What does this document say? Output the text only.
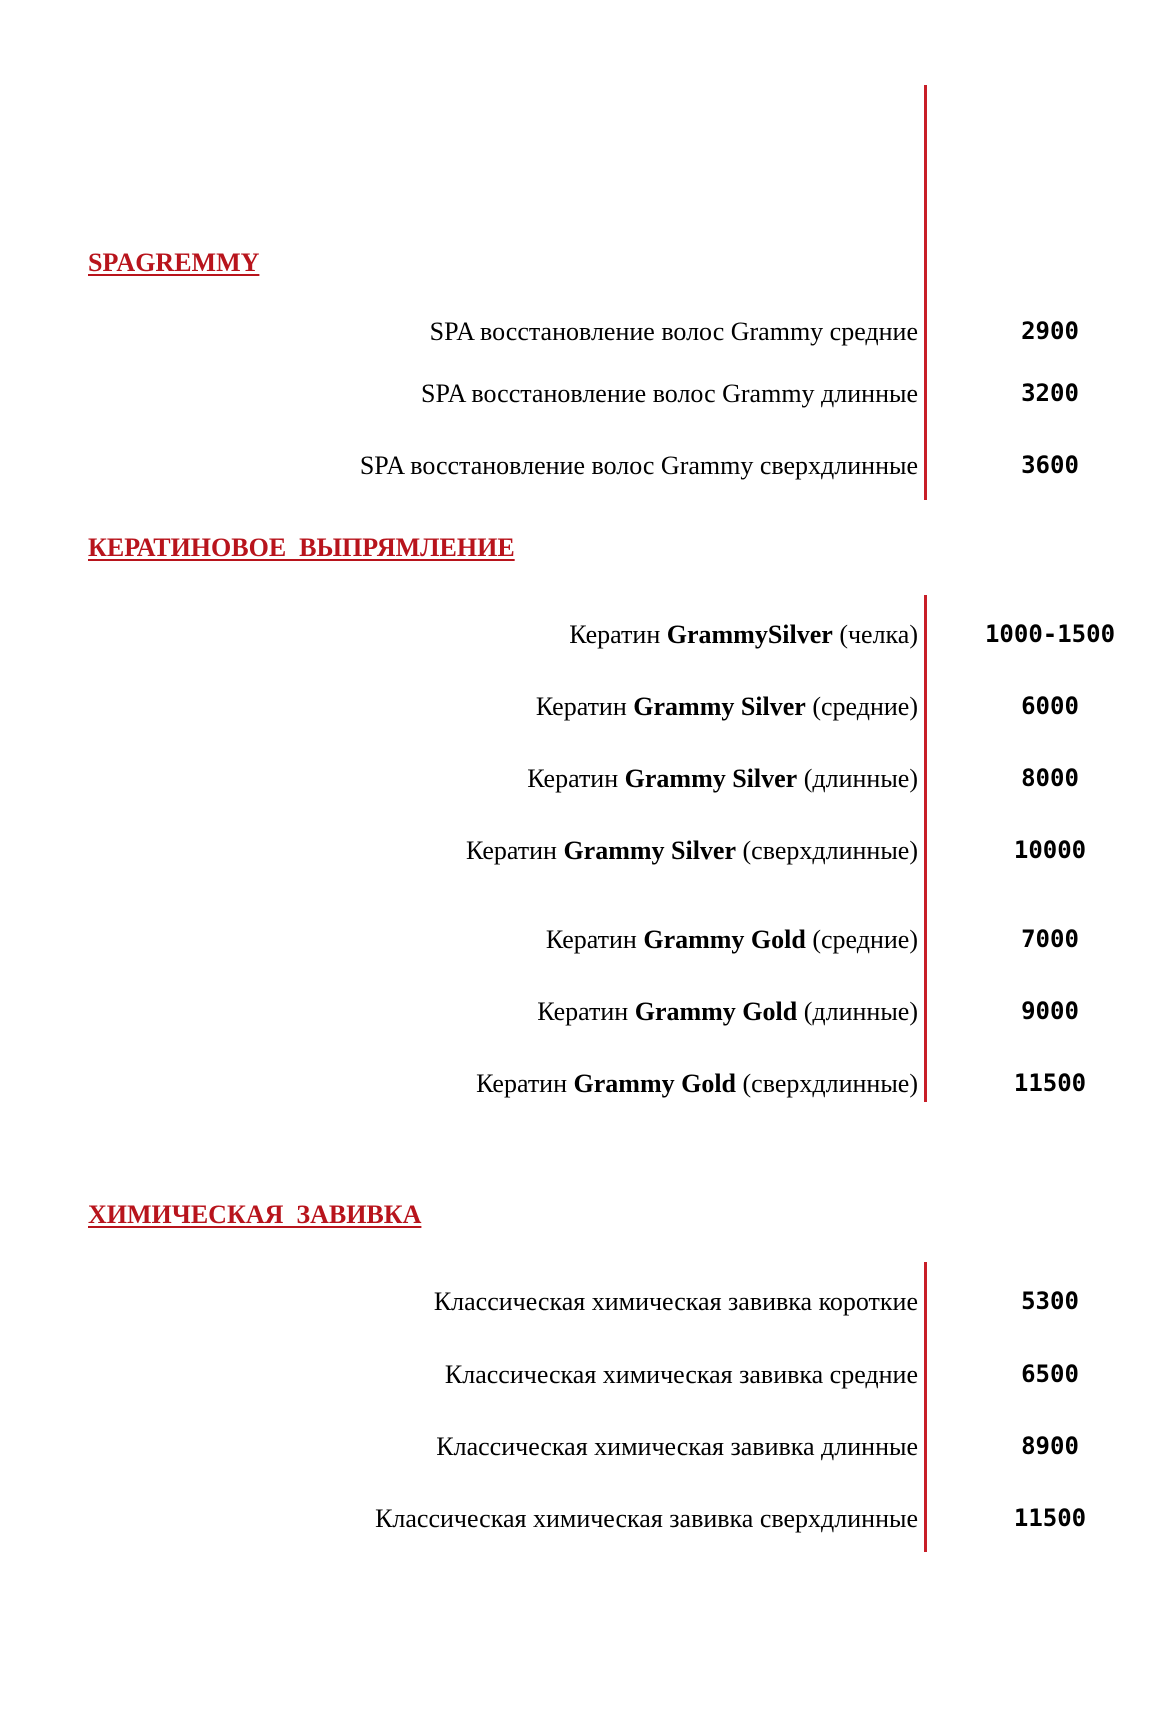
SPAGREMMY
SPA восстановление волос Grammy средние	2900
SPA восстановление волос Grammy длинные	3200
SPA восстановление волос Grammy сверхдлинные	3600
КЕРАТИНОВОЕ  ВЫПРЯМЛЕНИЕ
Кератин GrammySilver (челка)	1000-1500
Кератин Grammy Silver (средние)	6000
Кератин Grammy Silver (длинные)	8000
Кератин Grammy Silver (сверхдлинные)	10000
Кератин Grammy Gold (средние)	7000
Кератин Grammy Gold (длинные)	9000
Кератин Grammy Gold (сверхдлинные)	11500
ХИМИЧЕСКАЯ  ЗАВИВКА
Классическая химическая завивка короткие	5300
Классическая химическая завивка средние	6500
Классическая химическая завивка длинные	8900
Классическая химическая завивка сверхдлинные	11500
